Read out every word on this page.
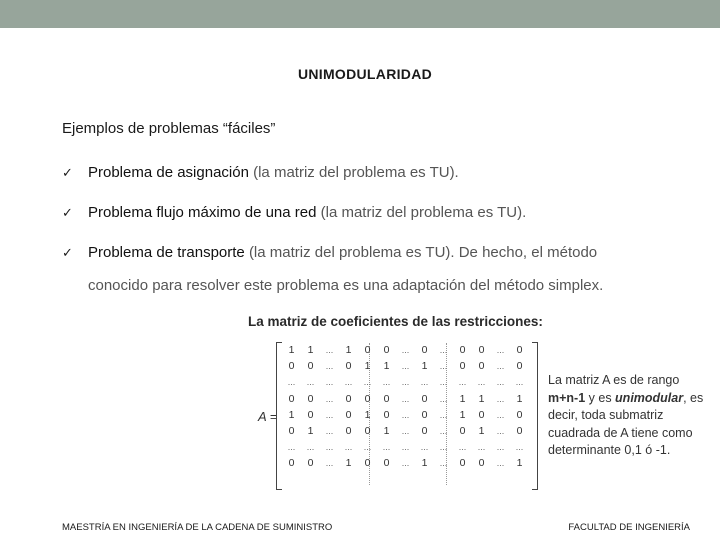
UNIMODULARIDAD
Ejemplos de problemas “fáciles”
✓ Problema de asignación (la matriz del problema es TU).
✓ Problema flujo máximo de una red (la matriz del problema es TU).
✓ Problema de transporte (la matriz del problema es TU). De hecho, el método conocido para resolver este problema es una adaptación del método simplex.
La matriz de coeficientes de las restricciones:
A =
1	1	...	1	0	0	...	0	...	0	0	...	0
0	0	...	0	1	1	...	1	...	0	0	...	0
...	...	...	...	...	...	...	...	...	...	...	...	...
0	0	...	0	0	0	...	0	...	1	1	...	1
1	0	...	0	1	0	...	0	...	1	0	...	0
0	1	...	0	0	1	...	0	...	0	1	...	0
...	...	...	...	...	...	...	...	...	...	...	...	...
0	0	...	1	0	0	...	1	...	0	0	...	1
La matriz A es de rango
m+n-1 y es unimodular, es
decir, toda submatriz
cuadrada de A tiene como
determinante 0,1 ó -1.
MAESTRÍA EN INGENIERÍA DE LA CADENA DE SUMINISTRO	FACULTAD DE INGENIERÍA
